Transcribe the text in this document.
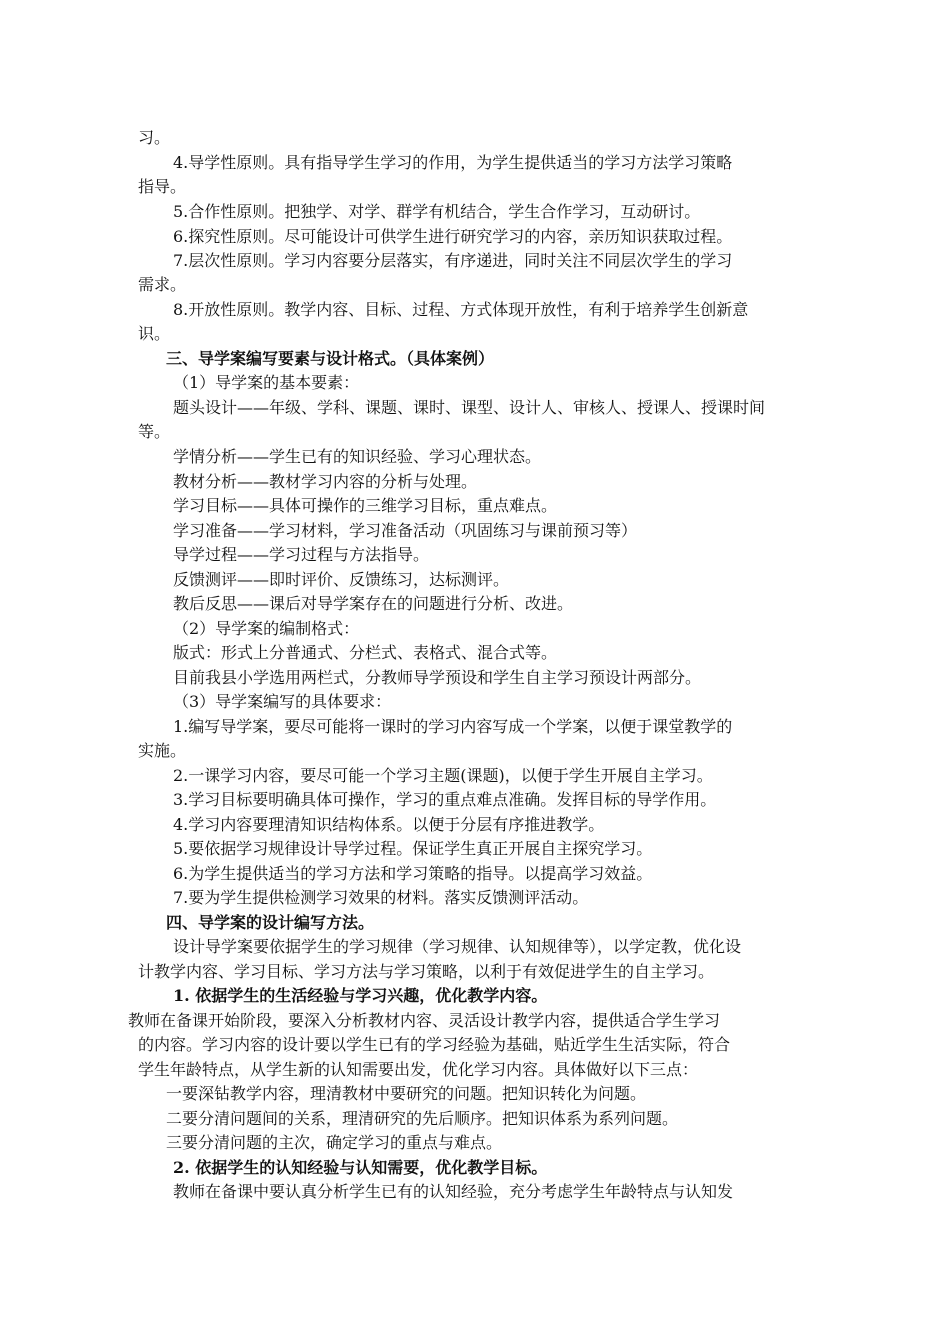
习。
4.导学性原则。具有指导学生学习的作用，为学生提供适当的学习方法学习策略
指导。
5.合作性原则。把独学、对学、群学有机结合，学生合作学习，互动研讨。
6.探究性原则。尽可能设计可供学生进行研究学习的内容，亲历知识获取过程。
7.层次性原则。学习内容要分层落实，有序递进，同时关注不同层次学生的学习
需求。
8.开放性原则。教学内容、目标、过程、方式体现开放性，有利于培养学生创新意
识。
三、导学案编写要素与设计格式。（具体案例）
（1）导学案的基本要素：
题头设计——年级、学科、课题、课时、课型、设计人、审核人、授课人、授课时间
等。
学情分析——学生已有的知识经验、学习心理状态。
教材分析——教材学习内容的分析与处理。
学习目标——具体可操作的三维学习目标，重点难点。
学习准备——学习材料，学习准备活动（巩固练习与课前预习等）
导学过程——学习过程与方法指导。
反馈测评——即时评价、反馈练习，达标测评。
教后反思——课后对导学案存在的问题进行分析、改进。
（2）导学案的编制格式：
版式：形式上分普通式、分栏式、表格式、混合式等。
目前我县小学选用两栏式，分教师导学预设和学生自主学习预设计两部分。
（3）导学案编写的具体要求：
1.编写导学案，要尽可能将一课时的学习内容写成一个学案，以便于课堂教学的
实施。
2.一课学习内容，要尽可能一个学习主题(课题)，以便于学生开展自主学习。
3.学习目标要明确具体可操作，学习的重点难点准确。发挥目标的导学作用。
4.学习内容要理清知识结构体系。以便于分层有序推进教学。
5.要依据学习规律设计导学过程。保证学生真正开展自主探究学习。
6.为学生提供适当的学习方法和学习策略的指导。以提高学习效益。
7.要为学生提供检测学习效果的材料。落实反馈测评活动。
四、导学案的设计编写方法。
设计导学案要依据学生的学习规律（学习规律、认知规律等），以学定教，优化设
计教学内容、学习目标、学习方法与学习策略，以利于有效促进学生的自主学习。
1. 依据学生的生活经验与学习兴趣，优化教学内容。
教师在备课开始阶段，要深入分析教材内容、灵活设计教学内容，提供适合学生学习
的内容。学习内容的设计要以学生已有的学习经验为基础，贴近学生生活实际，符合
学生年龄特点，从学生新的认知需要出发，优化学习内容。具体做好以下三点：
一要深钻教学内容，理清教材中要研究的问题。把知识转化为问题。
二要分清问题间的关系，理清研究的先后顺序。把知识体系为系列问题。
三要分清问题的主次，确定学习的重点与难点。
2. 依据学生的认知经验与认知需要，优化教学目标。
教师在备课中要认真分析学生已有的认知经验，充分考虑学生年龄特点与认知发
